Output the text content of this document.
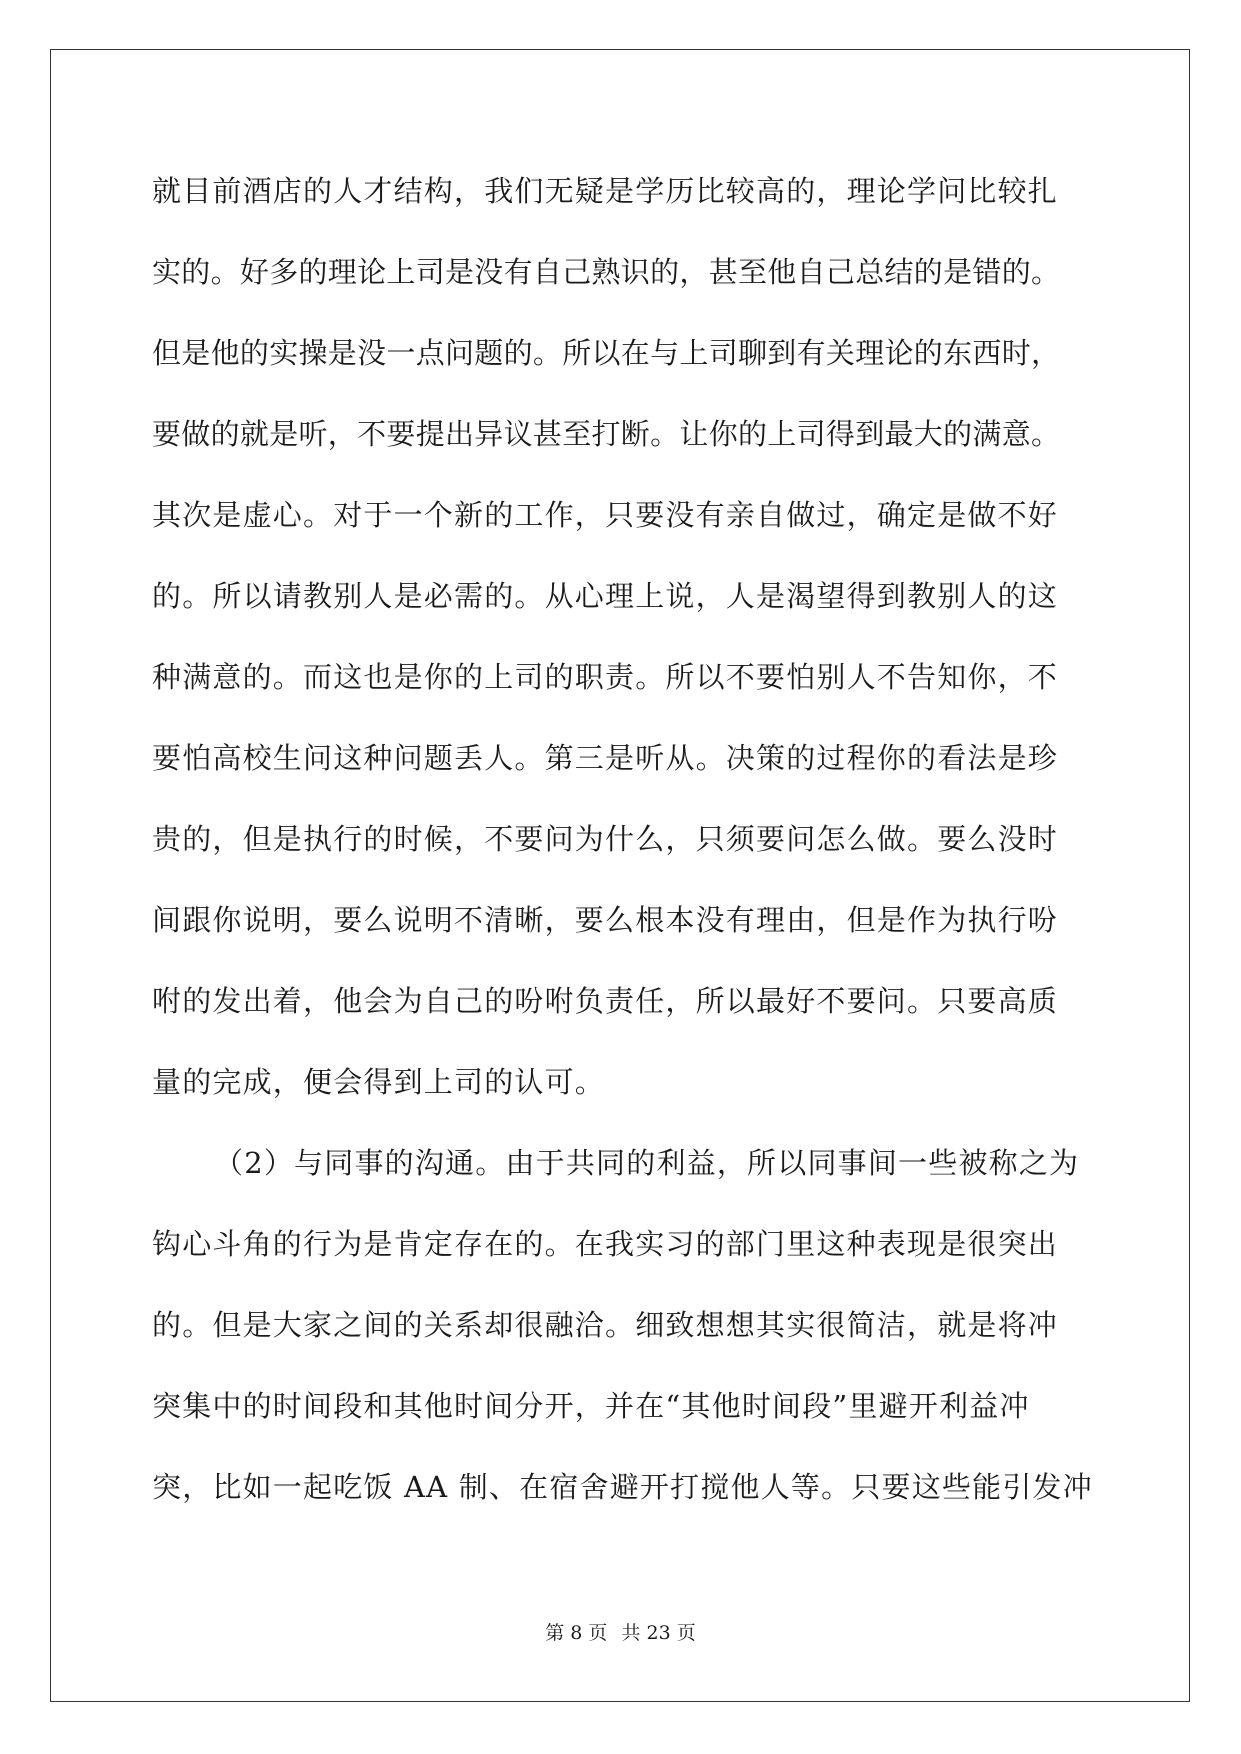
就目前酒店的人才结构，我们无疑是学历比较高的，理论学问比较扎
实的。好多的理论上司是没有自己熟识的，甚至他自己总结的是错的。
但是他的实操是没一点问题的。所以在与上司聊到有关理论的东西时，
要做的就是听，不要提出异议甚至打断。让你的上司得到最大的满意。
其次是虚心。对于一个新的工作，只要没有亲自做过，确定是做不好
的。所以请教别人是必需的。从心理上说，人是渴望得到教别人的这
种满意的。而这也是你的上司的职责。所以不要怕别人不告知你，不
要怕高校生问这种问题丢人。第三是听从。决策的过程你的看法是珍
贵的，但是执行的时候，不要问为什么，只须要问怎么做。要么没时
间跟你说明，要么说明不清晰，要么根本没有理由，但是作为执行吩
咐的发出着，他会为自己的吩咐负责任，所以最好不要问。只要高质
量的完成，便会得到上司的认可。
（2）与同事的沟通。由于共同的利益，所以同事间一些被称之为
钩心斗角的行为是肯定存在的。在我实习的部门里这种表现是很突出
的。但是大家之间的关系却很融洽。细致想想其实很简洁，就是将冲
突集中的时间段和其他时间分开，并在“其他时间段”里避开利益冲
突，比如一起吃饭 AA 制、在宿舍避开打搅他人等。只要这些能引发冲
第 8 页 共 23 页
